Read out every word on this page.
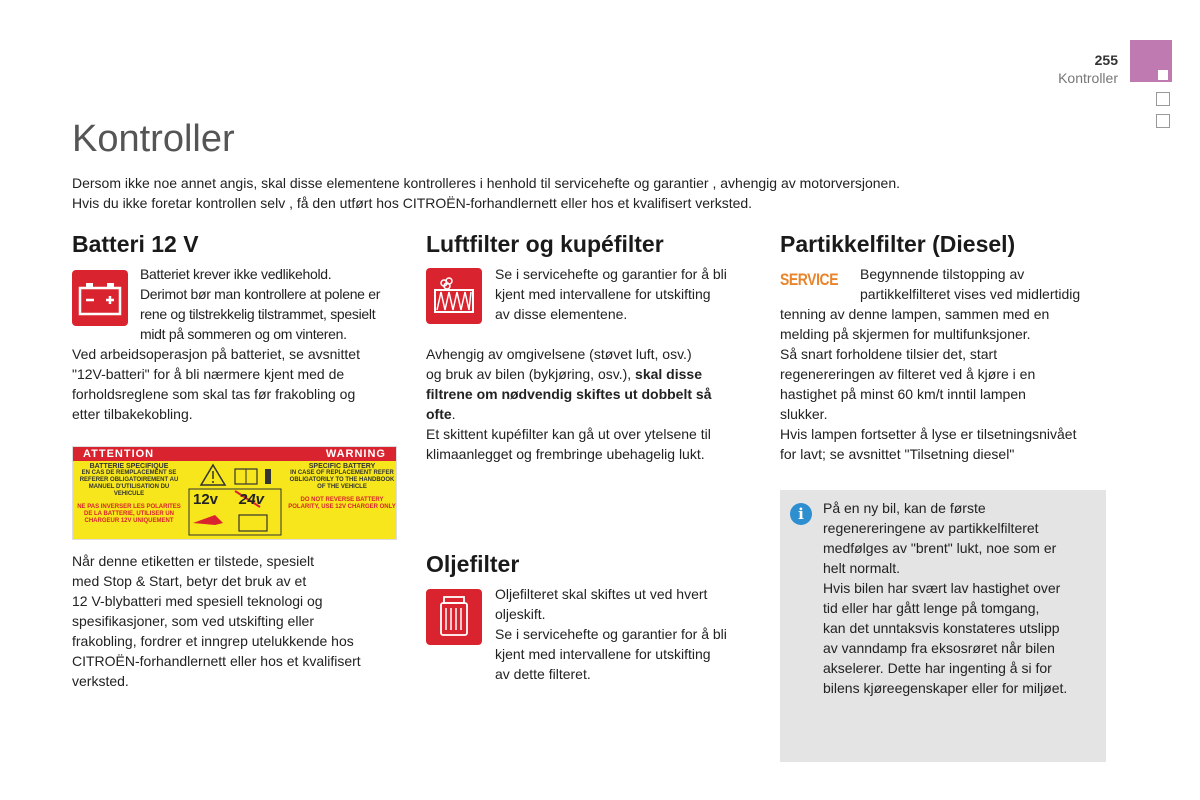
255
Kontroller
Kontroller

Dersom ikke noe annet angis, skal disse elementene kontrolleres i henhold til servicehefte og garantier , avhengig av motorversjonen.

Hvis du ikke foretar kontrollen selv , få den utført hos CITROËN-forhandlernett eller hos et kvalifisert verksted.

Batteri 12 V

Batteriet krever ikke vedlikehold.

Derimot bør man kontrollere at polene er

rene og tilstrekkelig tilstrammet, spesielt

midt på sommeren og om vinteren.

Ved arbeidsoperasjon på batteriet, se avsnittet

"12V-batteri" for å bli nærmere kjent med de

forholdsreglene som skal tas før frakobling og

etter tilbakekobling.

ATTENTION	WARNING
BATTERIE SPECIFIQUE
EN CAS DE REMPLACEMENT SE REFERER OBLIGATOIREMENT AU MANUEL D'UTILISATION DU VEHICULE
NE PAS INVERSER LES POLARITES DE LA BATTERIE, UTILISER UN CHARGEUR 12V UNIQUEMENT
12v 24v
SPECIFIC BATTERY
IN CASE OF REPLACEMENT REFER OBLIGATORILY TO THE HANDBOOK OF THE VEHICLE
DO NOT REVERSE BATTERY POLARITY, USE 12V CHARGER ONLY

Når denne etiketten er tilstede, spesielt

med Stop & Start, betyr det bruk av et

12 V-blybatteri med spesiell teknologi og

spesifikasjoner, som ved utskifting eller

frakobling, fordrer et inngrep utelukkende hos

CITROËN-forhandlernett eller hos et kvalifisert

verksted.

Luftfilter og kupéfilter

Se i servicehefte og garantier for å bli

kjent med intervallene for utskifting

av disse elementene.

Avhengig av omgivelsene (støvet luft, osv.)

og bruk av bilen (bykjøring, osv.), skal disse

filtrene om nødvendig skiftes ut dobbelt så

ofte.

Et skittent kupéfilter kan gå ut over ytelsene til

klimaanlegget og frembringe ubehagelig lukt.

Oljefilter

Oljefilteret skal skiftes ut ved hvert

oljeskift.

Se i servicehefte og garantier for å bli

kjent med intervallene for utskifting

av dette filteret.

Partikkelfilter (Diesel)
SERVICE Begynnende tilstopping av

partikkelfilteret vises ved midlertidig

tenning av denne lampen, sammen med en

melding på skjermen for multifunksjoner.

Så snart forholdene tilsier det, start

regenereringen av filteret ved å kjøre i en

hastighet på minst 60 km/t inntil lampen

slukker.

Hvis lampen fortsetter å lyse er tilsetningsnivået

for lavt; se avsnittet "Tilsetning diesel"

i	På en ny bil, kan de første

regenereringene av partikkelfilteret

medfølges av "brent" lukt, noe som er

helt normalt.

Hvis bilen har svært lav hastighet over

tid eller har gått lenge på tomgang,

kan det unntaksvis konstateres utslipp

av vanndamp fra eksosrøret når bilen

akselerer. Dette har ingenting å si for

bilens kjøreegenskaper eller for miljøet.
